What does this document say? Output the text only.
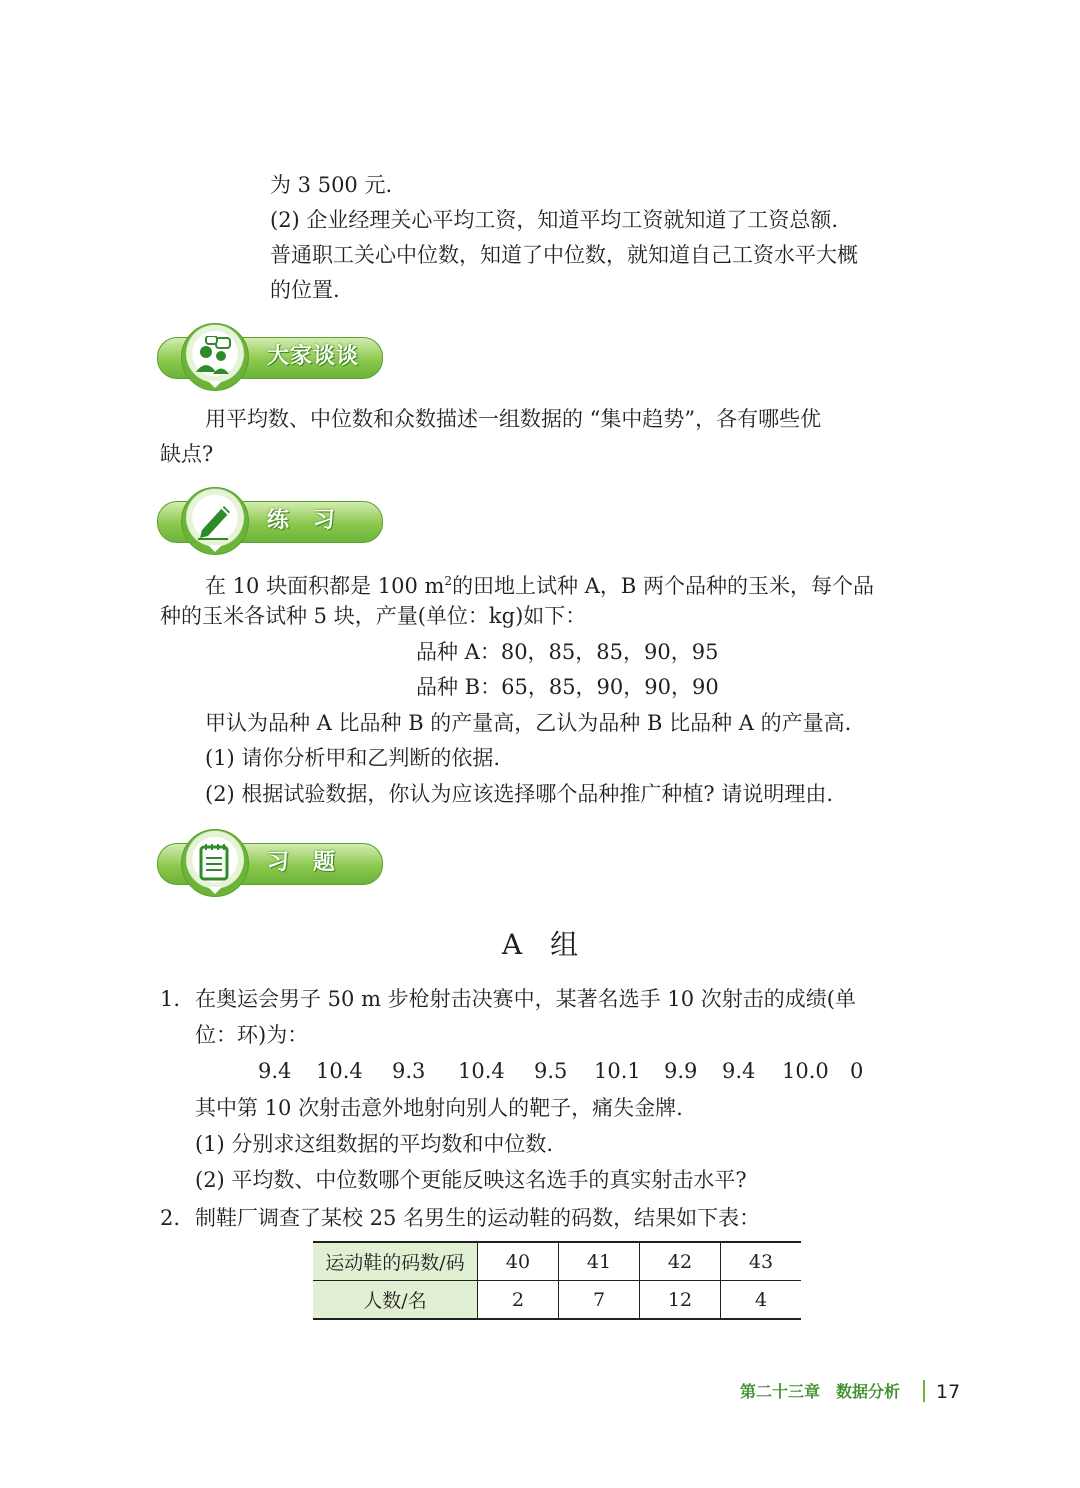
为 3 500 元.
(2) 企业经理关心平均工资，知道平均工资就知道了工资总额.
普通职工关心中位数，知道了中位数，就知道自己工资水平大概
的位置.
大家谈谈
用平均数、中位数和众数描述一组数据的 “集中趋势”，各有哪些优
缺点?
练　习
在 10 块面积都是 100 $m^2$的田地上试种 A，B 两个品种的玉米，每个品
种的玉米各试种 5 块，产量(单位：kg)如下：
品种 A：80，85，85，90，95
品种 B：65，85，90，90，90
甲认为品种 A 比品种 B 的产量高，乙认为品种 B 比品种 A 的产量高.
(1) 请你分析甲和乙判断的依据.
(2) 根据试验数据，你认为应该选择哪个品种推广种植? 请说明理由.
习　题
A　组
1. 在奥运会男子 50 m 步枪射击决赛中，某著名选手 10 次射击的成绩(单
位：环)为：
9.4 10.4 9.3 10.4 9.5 10.1 9.9 9.4 10.0 0
其中第 10 次射击意外地射向别人的靶子，痛失金牌.
(1) 分别求这组数据的平均数和中位数.
(2) 平均数、中位数哪个更能反映这名选手的真实射击水平?
2. 制鞋厂调查了某校 25 名男生的运动鞋的码数，结果如下表：
运动鞋的码数/码	40	41	42	43
人数/名	2	7	12	4
第二十三章　数据分析 17
